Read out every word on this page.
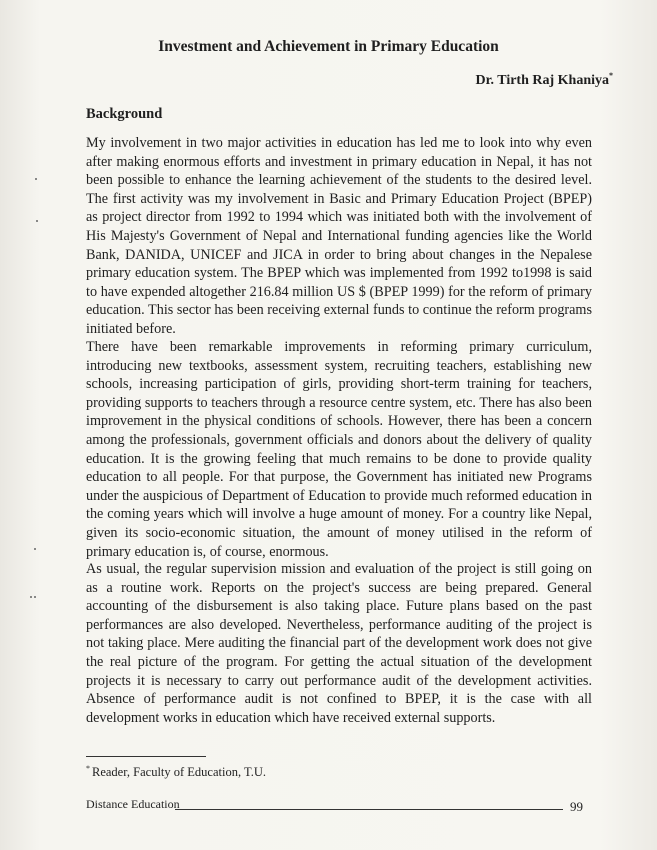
Investment and Achievement in Primary Education
Dr. Tirth Raj Khaniya*
Background

My involvement in two major activities in education has led me to look into why even after making enormous efforts and investment in primary education in Nepal, it has not been possible to enhance the learning achievement of the students to the desired level. The first activity was my involvement in Basic and Primary Education Project (BPEP) as project director from 1992 to 1994 which was initiated both with the involvement of His Majesty's Government of Nepal and International funding agencies like the World Bank, DANIDA, UNICEF and JICA in order to bring about changes in the Nepalese primary education system. The BPEP which was implemented from 1992 to1998 is said to have expended altogether 216.84 million US $ (BPEP 1999) for the reform of primary education. This sector has been receiving external funds to continue the reform programs initiated before.

There have been remarkable improvements in reforming primary curriculum, introducing new textbooks, assessment system, recruiting teachers, establishing new schools, increasing participation of girls, providing short-term training for teachers, providing supports to teachers through a resource centre system, etc. There has also been improvement in the physical conditions of schools. However, there has been a concern among the professionals, government officials and donors about the delivery of quality education. It is the growing feeling that much remains to be done to provide quality education to all people. For that purpose, the Government has initiated new Programs under the auspicious of Department of Education to provide much reformed education in the coming years which will involve a huge amount of money. For a country like Nepal, given its socio-economic situation, the amount of money utilised in the reform of primary education is, of course, enormous.

As usual, the regular supervision mission and evaluation of the project is still going on as a routine work. Reports on the project's success are being prepared. General accounting of the disbursement is also taking place. Future plans based on the past performances are also developed. Nevertheless, performance auditing of the project is not taking place. Mere auditing the financial part of the development work does not give the real picture of the program. For getting the actual situation of the development projects it is necessary to carry out performance audit of the development activities. Absence of performance audit is not confined to BPEP, it is the case with all development works in education which have received external supports.

* Reader, Faculty of Education, T.U.
Distance Education	99
